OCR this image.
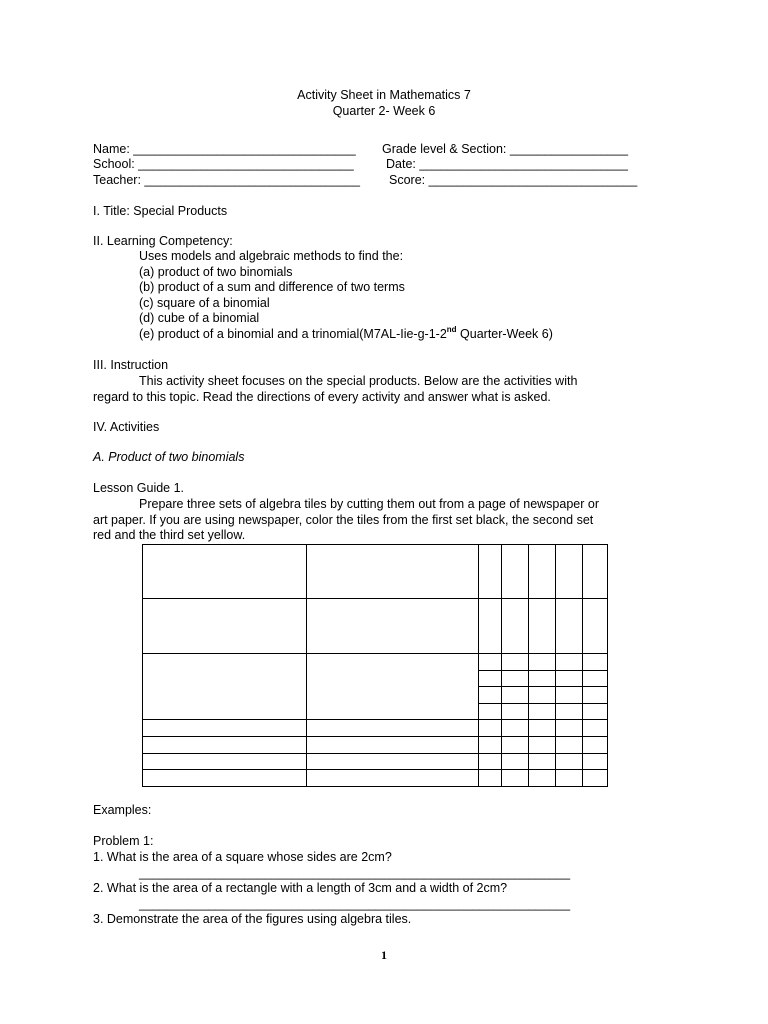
Activity Sheet in Mathematics 7
Quarter 2- Week 6
Name: ________________________________ Grade level & Section: _________________
School: _______________________________	Date: ______________________________
Teacher: _______________________________ Score: ______________________________
I. Title: Special Products
II. Learning Competency:
Uses models and algebraic methods to find the:
(a) product of two binomials
(b) product of a sum and difference of two terms
(c) square of a binomial
(d) cube of a binomial
(e) product of a binomial and a trinomial(M7AL-Iie-g-1-2nd Quarter-Week 6)
III. Instruction
This activity sheet focuses on the special products. Below are the activities with
regard to this topic. Read the directions of every activity and answer what is asked.
IV. Activities
A. Product of two binomials
Lesson Guide 1.
Prepare three sets of algebra tiles by cutting them out from a page of newspaper or
art paper. If you are using newspaper, color the tiles from the first set black, the second set
red and the third set yellow.
Examples:
Problem 1:
1. What is the area of a square whose sides are 2cm?
______________________________________________________________
2. What is the area of a rectangle with a length of 3cm and a width of 2cm?
______________________________________________________________
3. Demonstrate the area of the figures using algebra tiles.
1
